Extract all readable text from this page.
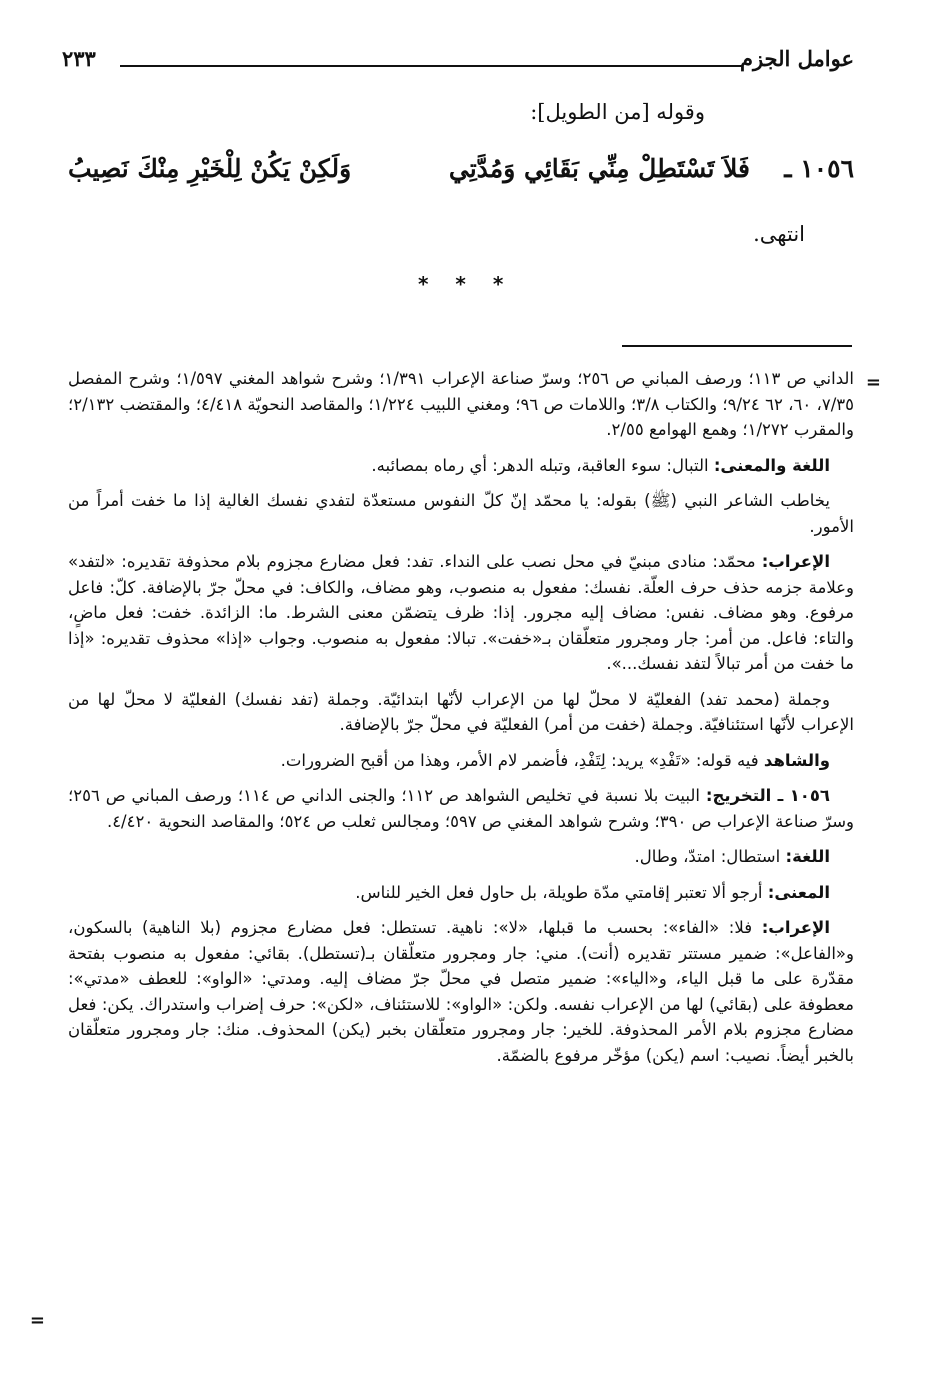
عوامل الجزم
٢٣٣
وقوله [من الطويل]:
١٠٥٦ ـ
فَلاَ تَسْتَطِلْ مِنِّي بَقَائِي وَمُدَّتِي
وَلَكِنْ يَكُنْ لِلْخَيْرِ مِنْكَ نَصِيبُ
انتهى.
* * *
=
=

الداني ص ١١٣؛ ورصف المباني ص ٢٥٦؛ وسرّ صناعة الإعراب ١/٣٩١؛ وشرح شواهد المغني ١/٥٩٧؛ وشرح المفصل ٧/٣٥، ٦٠، ٦٢ ٩/٢٤؛ والكتاب ٣/٨؛ واللامات ص ٩٦؛ ومغني اللبيب ١/٢٢٤؛ والمقاصد النحويّة ٤/٤١٨؛ والمقتضب ٢/١٣٢؛ والمقرب ١/٢٧٢؛ وهمع الهوامع ٢/٥٥.

اللغة والمعنى: التبال: سوء العاقبة، وتبله الدهر: أي رماه بمصائبه.

يخاطب الشاعر النبي (ﷺ) بقوله: يا محمّد إنّ كلّ النفوس مستعدّة لتفدي نفسك الغالية إذا ما خفت أمراً من الأمور.

الإعراب: محمّد: منادى مبنيّ في محل نصب على النداء. تفد: فعل مضارع مجزوم بلام محذوفة تقديره: «لتفد» وعلامة جزمه حذف حرف العلّة. نفسك: مفعول به منصوب، وهو مضاف، والكاف: في محلّ جرّ بالإضافة. كلّ: فاعل مرفوع. وهو مضاف. نفس: مضاف إليه مجرور. إذا: ظرف يتضمّن معنى الشرط. ما: الزائدة. خفت: فعل ماضٍ، والتاء: فاعل. من أمر: جار ومجرور متعلّقان بـ«خفت». تبالا: مفعول به منصوب. وجواب «إذا» محذوف تقديره: «إذا ما خفت من أمر تبالاً لتفد نفسك...».

وجملة (محمد تفد) الفعليّة لا محلّ لها من الإعراب لأنّها ابتدائيّة. وجملة (تفد نفسك) الفعليّة لا محلّ لها من الإعراب لأنّها استئنافيّة. وجملة (خفت من أمر) الفعليّة في محلّ جرّ بالإضافة.

والشاهد فيه قوله: «تَفْدِ» يريد: لِتَفْدِ، فأضمر لام الأمر، وهذا من أقبح الضرورات.

١٠٥٦ ـ التخريج: البيت بلا نسبة في تخليص الشواهد ص ١١٢؛ والجنى الداني ص ١١٤؛ ورصف المباني ص ٢٥٦؛ وسرّ صناعة الإعراب ص ٣٩٠؛ وشرح شواهد المغني ص ٥٩٧؛ ومجالس ثعلب ص ٥٢٤؛ والمقاصد النحوية ٤/٤٢٠.

اللغة: استطال: امتدّ، وطال.

المعنى: أرجو ألا تعتبر إقامتي مدّة طويلة، بل حاول فعل الخير للناس.

الإعراب: فلا: «الفاء»: بحسب ما قبلها، «لا»: ناهية. تستطل: فعل مضارع مجزوم (بلا الناهية) بالسكون، و«الفاعل»: ضمير مستتر تقديره (أنت). مني: جار ومجرور متعلّقان بـ(تستطل). بقائي: مفعول به منصوب بفتحة مقدّرة على ما قبل الياء، و«الياء»: ضمير متصل في محلّ جرّ مضاف إليه. ومدتي: «الواو»: للعطف «مدتي»: معطوفة على (بقائي) لها من الإعراب نفسه. ولكن: «الواو»: للاستئناف، «لكن»: حرف إضراب واستدراك. يكن: فعل مضارع مجزوم بلام الأمر المحذوفة. للخير: جار ومجرور متعلّقان بخبر (يكن) المحذوف. منك: جار ومجرور متعلّقان بالخبر أيضاً. نصيب: اسم (يكن) مؤخّر مرفوع بالضمّة.
